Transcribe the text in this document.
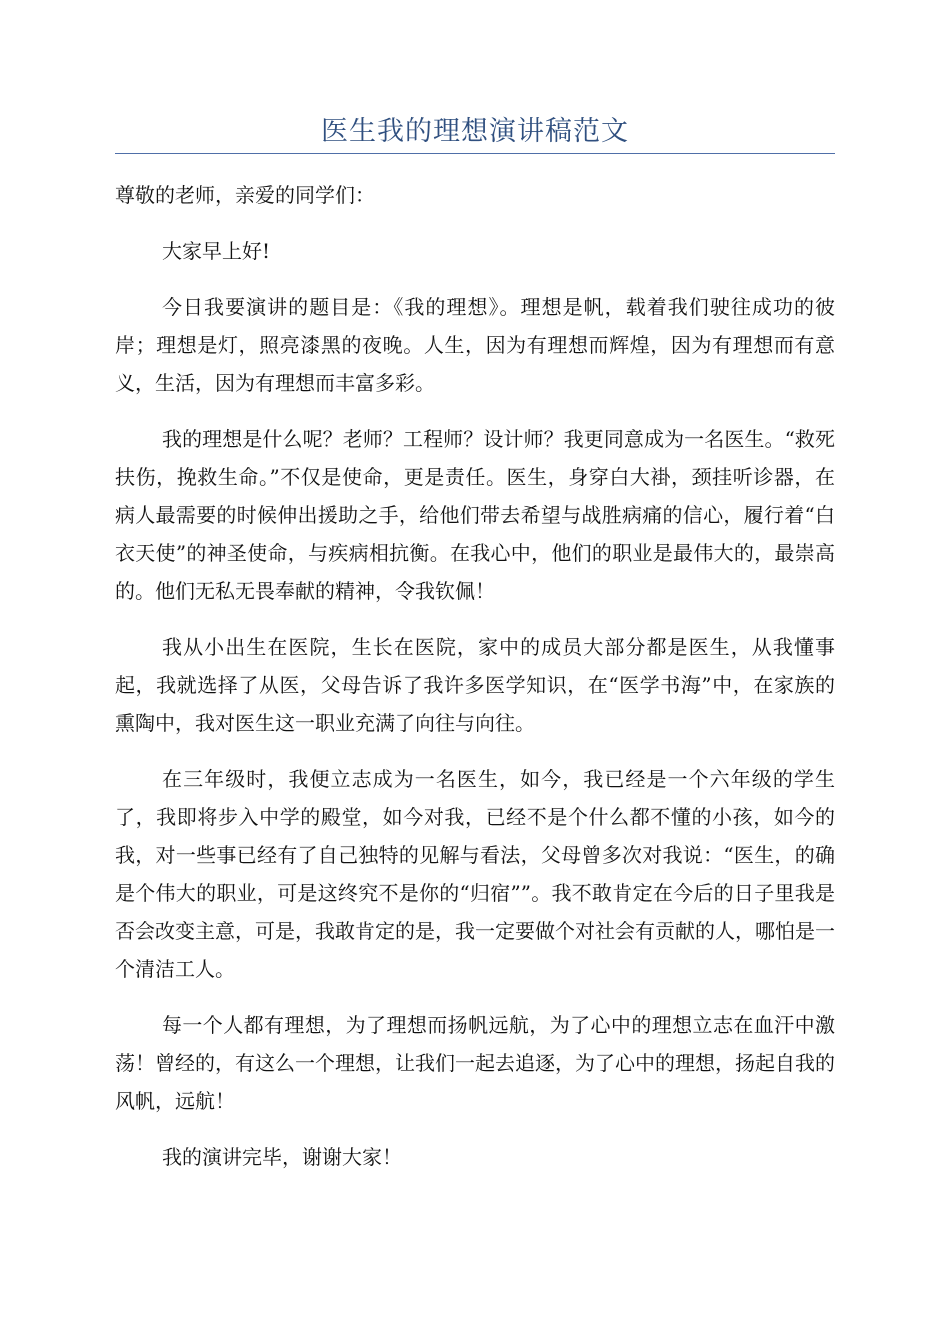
医生我的理想演讲稿范文

尊敬的老师，亲爱的同学们：

大家早上好!

今日我要演讲的题目是：《我的理想》。理想是帆，载着我们驶往成功的彼岸；理想是灯，照亮漆黑的夜晚。人生，因为有理想而辉煌，因为有理想而有意义，生活，因为有理想而丰富多彩。

我的理想是什么呢？老师？工程师？设计师？我更同意成为一名医生。“救死扶伤，挽救生命。”不仅是使命，更是责任。医生，身穿白大褂，颈挂听诊器，在病人最需要的时候伸出援助之手，给他们带去希望与战胜病痛的信心，履行着“白衣天使”的神圣使命，与疾病相抗衡。在我心中，他们的职业是最伟大的，最崇高的。他们无私无畏奉献的精神，令我钦佩！

我从小出生在医院，生长在医院，家中的成员大部分都是医生，从我懂事起，我就选择了从医，父母告诉了我许多医学知识，在“医学书海”中，在家族的熏陶中，我对医生这一职业充满了向往与向往。

在三年级时，我便立志成为一名医生，如今，我已经是一个六年级的学生了，我即将步入中学的殿堂，如今对我，已经不是个什么都不懂的小孩，如今的我，对一些事已经有了自己独特的见解与看法，父母曾多次对我说：“医生，的确是个伟大的职业，可是这终究不是你的“归宿””。我不敢肯定在今后的日子里我是否会改变主意，可是，我敢肯定的是，我一定要做个对社会有贡献的人，哪怕是一个清洁工人。

每一个人都有理想，为了理想而扬帆远航，为了心中的理想立志在血汗中激荡！曾经的，有这么一个理想，让我们一起去追逐，为了心中的理想，扬起自我的风帆，远航！

我的演讲完毕，谢谢大家！
